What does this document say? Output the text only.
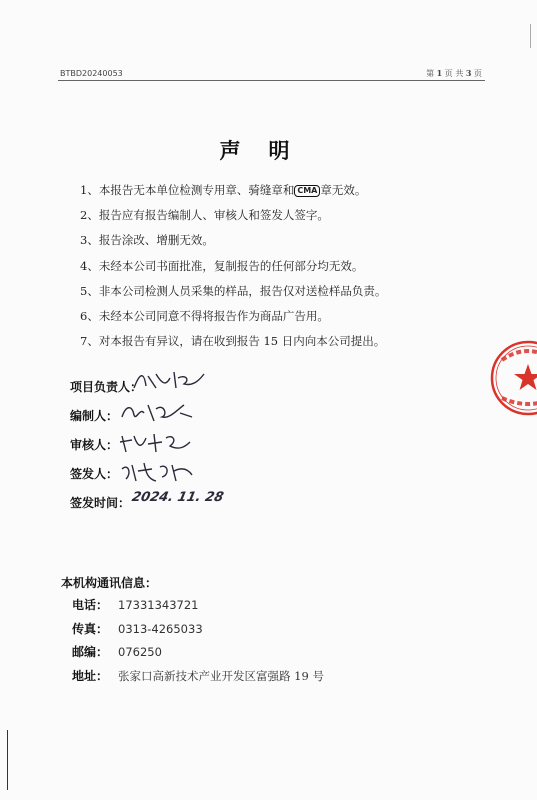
BTBD20240053	第 1 页 共 3 页
声明
1、本报告无本单位检测专用章、骑缝章和 CMA 章无效。
2、报告应有报告编制人、审核人和签发人签字。
3、报告涂改、增删无效。
4、未经本公司书面批准，复制报告的任何部分均无效。
5、非本公司检测人员采集的样品，报告仅对送检样品负责。
6、未经本公司同意不得将报告作为商品广告用。
7、对本报告有异议，请在收到报告 15 日内向本公司提出。
项目负责人：
编制人：
审核人：
签发人：
签发时间： 2024. 11. 28
本机构通讯信息：
电话： 17331343721
传真： 0313-4265033
邮编： 076250
地址： 张家口高新技术产业开发区富强路 19 号
